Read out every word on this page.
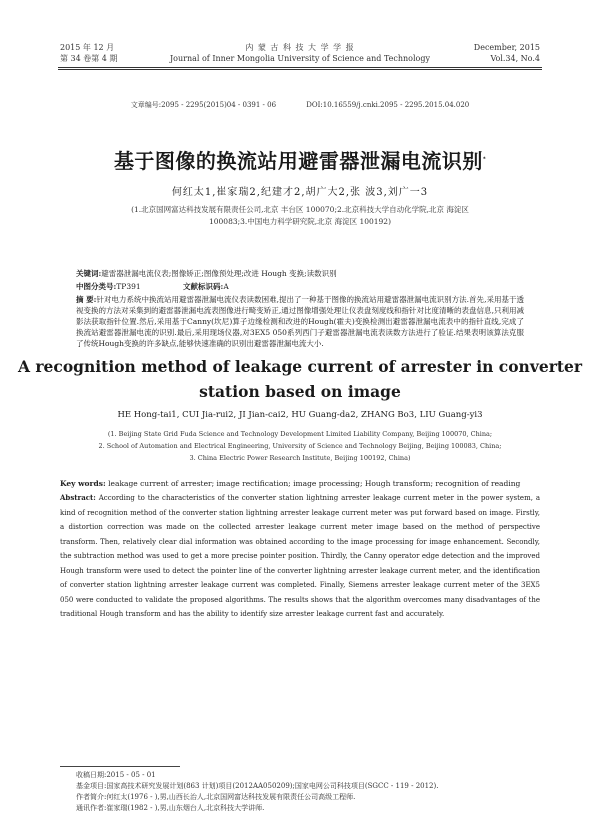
2015 年 12 月
第 34 卷第 4 期
内 蒙 古 科 技 大 学 学 报
Journal of Inner Mongolia University of Science and Technology
December, 2015
Vol.34, No.4
文章编号:2095 - 2295(2015)04 - 0391 - 06	DOI:10.16559/j.cnki.2095 - 2295.2015.04.020
基于图像的换流站用避雷器泄漏电流识别*
何红太1,崔家瑞2,纪建才2,胡广大2,张 波3,刘广一3
(1.北京国网富达科技发展有限责任公司,北京 丰台区 100070;2.北京科技大学自动化学院,北京 海淀区
100083;3.中国电力科学研究院,北京 海淀区 100192)
关键词:避雷器泄漏电流仪表;图像矫正;图像预处理;改进 Hough 变换;读数识别
中图分类号:TP391	文献标识码:A
摘 要:针对电力系统中换流站用避雷器泄漏电流仪表读数困难,提出了一种基于图像的换流站用避雷器泄漏电流识别方法.首先,采用基于透视变换的方法对采集到的避雷器泄漏电流表图像进行畸变矫正,通过图像增强处理让仪表盘刻度线和指针对比度清晰的表盘信息,只利用减影法获取指针位置.然后,采用基于Canny(坎尼)算子边缘检测和改进的Hough(霍夫)变换检测出避雷器泄漏电流表中的指针直线,完成了换流站避雷器泄漏电流的识别.最后,采用现场仪器,对3EX5 050系列西门子避雷器泄漏电流表读数方法进行了验证.结果表明该算法克服了传统Hough变换的许多缺点,能够快速准确的识别出避雷器泄漏电流大小.
A recognition method of leakage current of arrester in converter station based on image
HE Hong-tai1, CUI Jia-rui2, JI Jian-cai2, HU Guang-da2, ZHANG Bo3, LIU Guang-yi3
(1. Beijing State Grid Fuda Science and Technology Development Limited Liability Company, Beijing 100070, China;
2. School of Automation and Electrical Engineering, University of Science and Technology Beijing, Beijing 100083, China;
3. China Electric Power Research Institute, Beijing 100192, China)
Key words: leakage current of arrester; image rectification; image processing; Hough transform; recognition of reading
Abstract: According to the characteristics of the converter station lightning arrester leakage current meter in the power system, a kind of recognition method of the converter station lightning arrester leakage current meter was put forward based on image. Firstly, a distortion correction was made on the collected arrester leakage current meter image based on the method of perspective transform. Then, relatively clear dial information was obtained according to the image processing for image enhancement. Secondly, the subtraction method was used to get a more precise pointer position. Thirdly, the Canny operator edge detection and the improved Hough transform were used to detect the pointer line of the converter lightning arrester leakage current meter, and the identification of converter station lightning arrester leakage current was completed. Finally, Siemens arrester leakage current meter of the 3EX5 050 were conducted to validate the proposed algorithms. The results shows that the algorithm overcomes many disadvantages of the traditional Hough transform and has the ability to identify size arrester leakage current fast and accurately.
收稿日期:2015 - 05 - 01
基金项目:国家高技术研究发展计划(863 计划)项目(2012AA050209);国家电网公司科技项目(SGCC - 119 - 2012).
作者简介:何红太(1976 - ),男,山西长治人,北京国网富达科技发展有限责任公司高级工程师.
通讯作者:崔家瑞(1982 - ),男,山东烟台人,北京科技大学讲师.
